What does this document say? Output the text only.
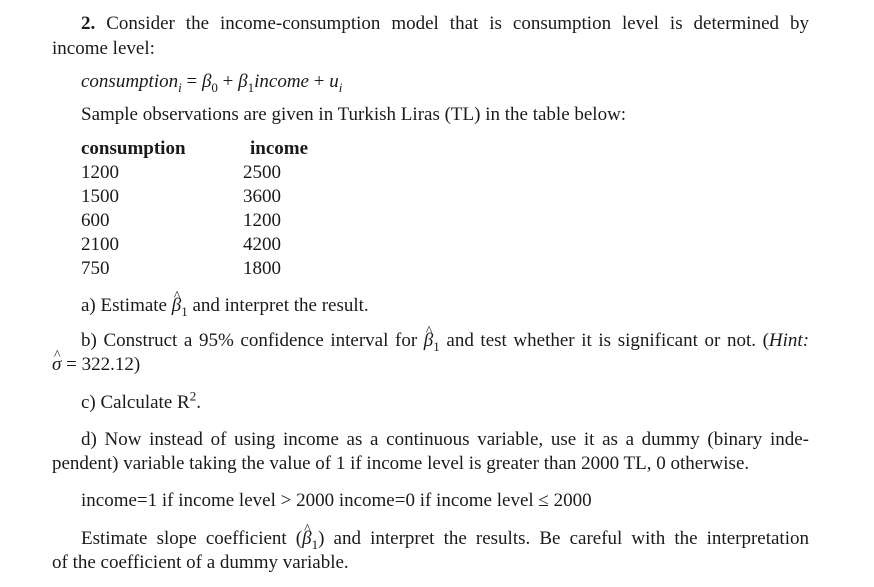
2. Consider the income-consumption model that is consumption level is determined by
income level:
consumption$_i$ = $\beta_0$ + $\beta_1income + u_i$
Sample observations are given in Turkish Liras (TL) in the table below:
consumption	income
1200	2500
1500	3600
600	1200
2100	4200
750	1800
a) Estimate ^ $\beta_1$ and interpret the result.
b) Construct a 95% confidence interval for ^ $\beta_1$ and test whether it is significant or not. (Hint:
^ σ = 322.12)
c) Calculate $R^2$.
d) Now instead of using income as a continuous variable, use it as a dummy (binary inde-
pendent) variable taking the value of 1 if income level is greater than 2000 TL, 0 otherwise.
income=1 if income level > 2000 income=0 if income level ≤ 2000
Estimate slope coefficient (^ $\beta_1$) and interpret the results. Be careful with the interpretation
of the coefficient of a dummy variable.
